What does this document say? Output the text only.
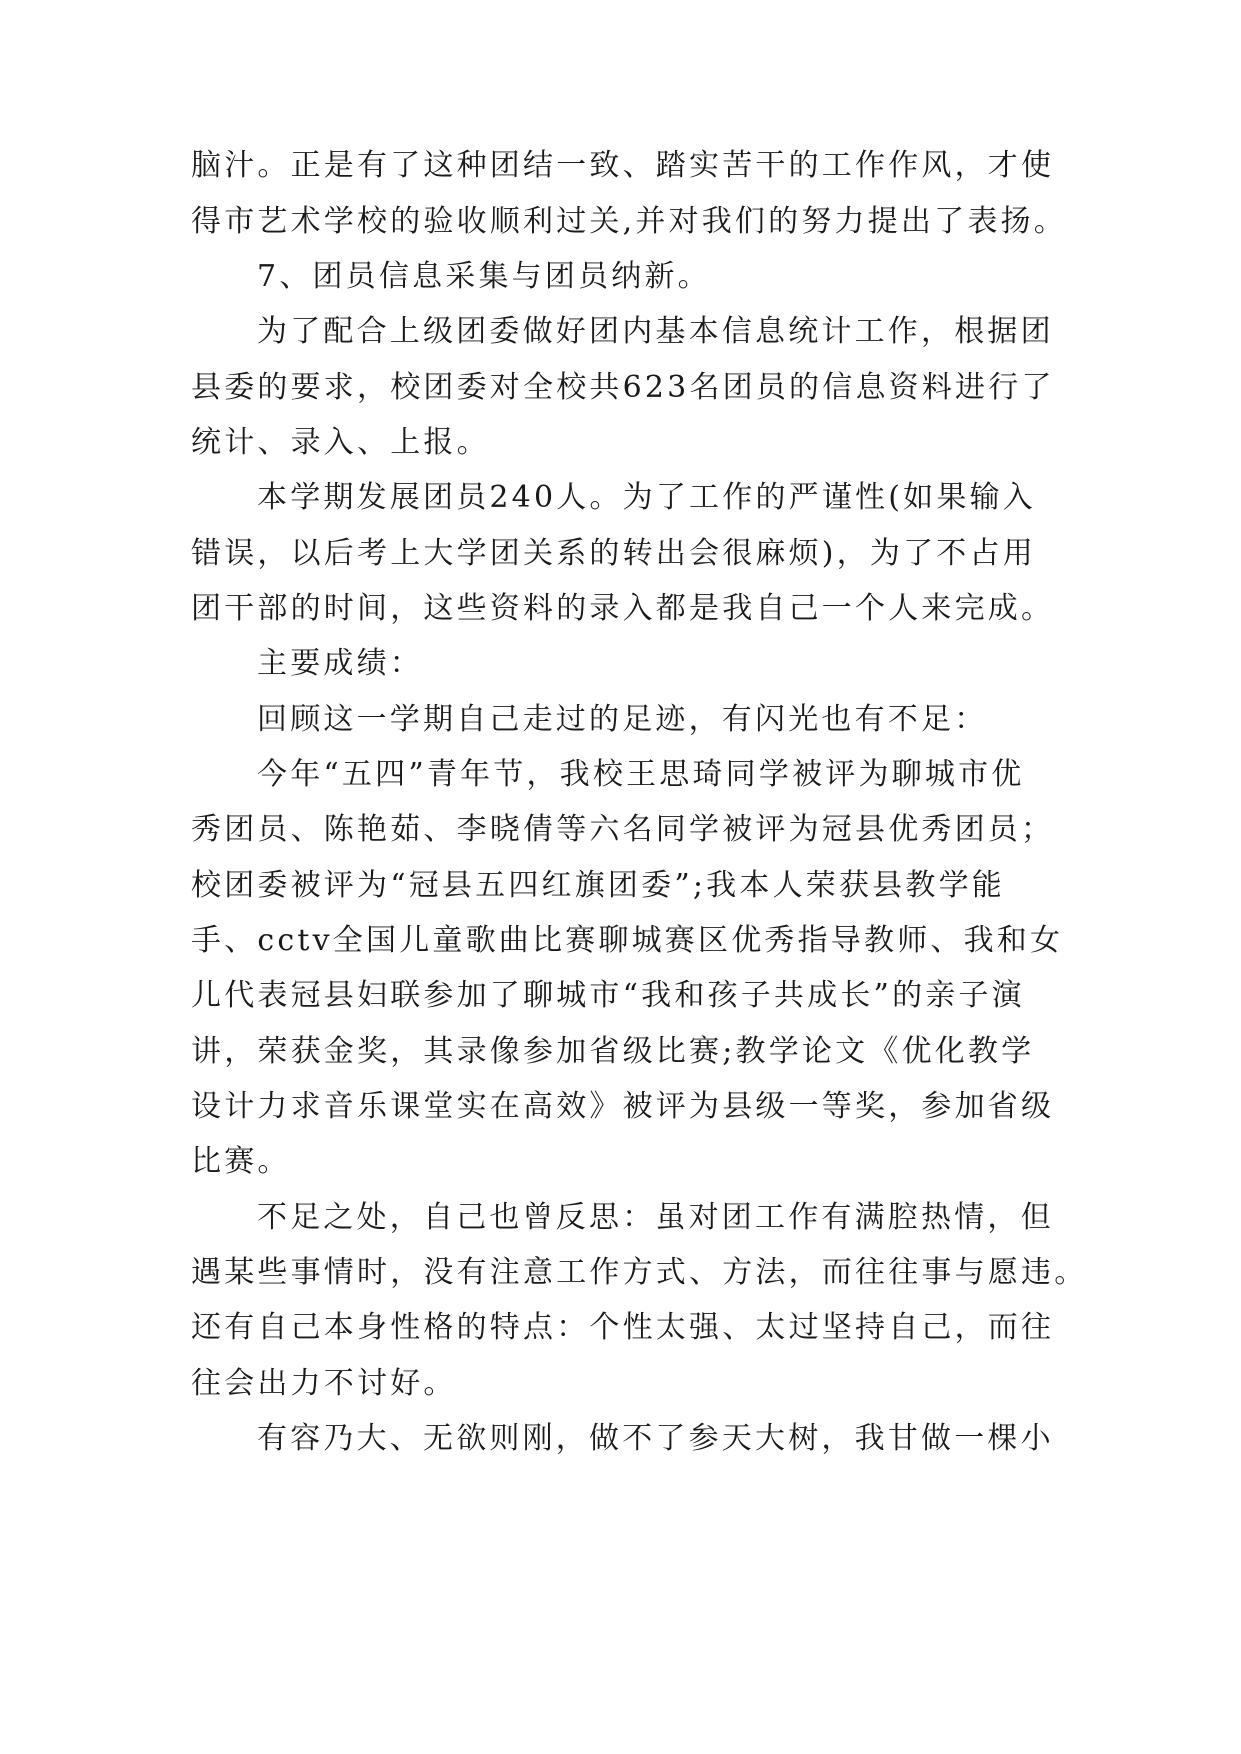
脑汁。正是有了这种团结一致、踏实苦干的工作作风，才使
得市艺术学校的验收顺利过关,并对我们的努力提出了表扬。
7、团员信息采集与团员纳新。
为了配合上级团委做好团内基本信息统计工作，根据团
县委的要求，校团委对全校共623名团员的信息资料进行了
统计、录入、上报。
本学期发展团员240人。为了工作的严谨性(如果输入
错误，以后考上大学团关系的转出会很麻烦)，为了不占用
团干部的时间，这些资料的录入都是我自己一个人来完成。
主要成绩：
回顾这一学期自己走过的足迹，有闪光也有不足：
今年“五四”青年节，我校王思琦同学被评为聊城市优
秀团员、陈艳茹、李晓倩等六名同学被评为冠县优秀团员；
校团委被评为“冠县五四红旗团委”;我本人荣获县教学能
手、cctv全国儿童歌曲比赛聊城赛区优秀指导教师、我和女
儿代表冠县妇联参加了聊城市“我和孩子共成长”的亲子演
讲，荣获金奖，其录像参加省级比赛;教学论文《优化教学
设计力求音乐课堂实在高效》被评为县级一等奖，参加省级
比赛。
不足之处，自己也曾反思：虽对团工作有满腔热情，但
遇某些事情时，没有注意工作方式、方法，而往往事与愿违。
还有自己本身性格的特点：个性太强、太过坚持自己，而往
往会出力不讨好。
有容乃大、无欲则刚，做不了参天大树，我甘做一棵小
